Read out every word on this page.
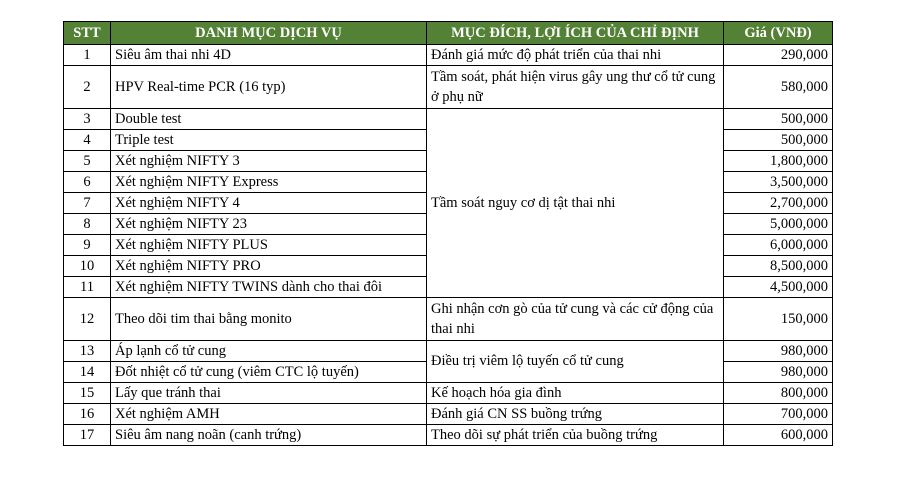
STT	DANH MỤC DỊCH VỤ	MỤC ĐÍCH, LỢI ÍCH CỦA CHỈ ĐỊNH	Giá (VNĐ)
1	Siêu âm thai nhi 4D	Đánh giá mức độ phát triển của thai nhi	290,000
2	HPV Real-time PCR (16 typ)	Tầm soát, phát hiện virus gây ung thư cổ tử cung ở phụ nữ	580,000
3	Double test	Tầm soát nguy cơ dị tật thai nhi	500,000
4	Triple test		500,000
5	Xét nghiệm NIFTY 3		1,800,000
6	Xét nghiệm NIFTY Express		3,500,000
7	Xét nghiệm NIFTY 4		2,700,000
8	Xét nghiệm NIFTY 23		5,000,000
9	Xét nghiệm NIFTY PLUS		6,000,000
10	Xét nghiệm NIFTY PRO		8,500,000
11	Xét nghiệm NIFTY TWINS dành cho thai đôi		4,500,000
12	Theo dõi tim thai bằng monito	Ghi nhận cơn gò của tử cung và các cử động của thai nhi	150,000
13	Áp lạnh cổ tử cung	Điều trị viêm lộ tuyến cổ tử cung	980,000
14	Đốt nhiệt cổ tử cung (viêm CTC lộ tuyến)		980,000
15	Lấy que tránh thai	Kế hoạch hóa gia đình	800,000
16	Xét nghiệm AMH	Đánh giá CN SS buồng trứng	700,000
17	Siêu âm nang noãn (canh trứng)	Theo dõi sự phát triển của buồng trứng	600,000
